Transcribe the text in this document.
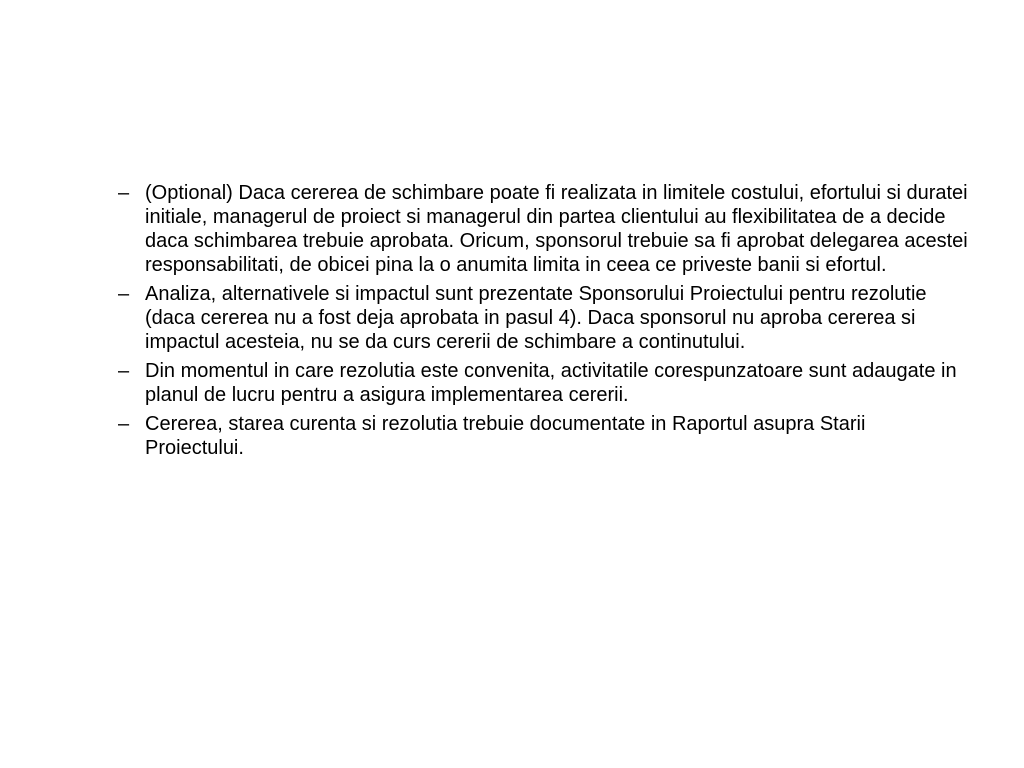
– (Optional) Daca cererea de schimbare poate fi realizata in limitele costului, efortului si duratei initiale, managerul de proiect si managerul din partea clientului au flexibilitatea de a decide daca schimbarea trebuie aprobata. Oricum, sponsorul trebuie sa fi aprobat delegarea acestei responsabilitati, de obicei pina la o anumita limita in ceea ce priveste banii si efortul.
– Analiza, alternativele si impactul sunt prezentate Sponsorului Proiectului pentru rezolutie (daca cererea nu a fost deja aprobata in pasul 4). Daca sponsorul nu aproba cererea si impactul acesteia, nu se da curs cererii de schimbare a continutului.
– Din momentul in care rezolutia este convenita, activitatile corespunzatoare sunt adaugate in planul de lucru pentru a asigura implementarea cererii.
– Cererea, starea curenta si rezolutia trebuie documentate in Raportul asupra Starii Proiectului.
